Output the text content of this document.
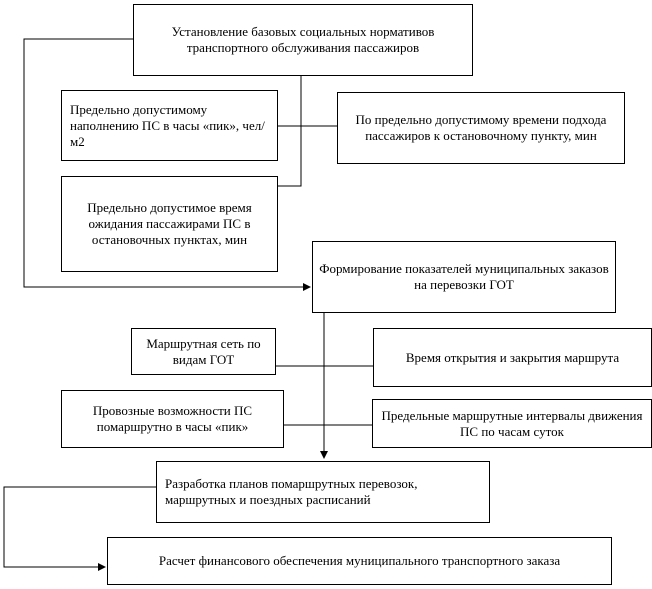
Установление базовых социальных нормативов транспортного обслуживания пассажиров
Предельно допустимому наполнению ПС в часы «пик», чел/м2
По предельно допустимому времени подхода пассажиров к остановочному пункту, мин
Предельно допустимое время ожидания пассажирами ПС в остановочных пунктах, мин
Формирование показателей муниципальных заказов на перевозки ГОТ
Маршрутная сеть по видам ГОТ	Время открытия и закрытия маршрута
Провозные возможности ПС помаршрутно в часы «пик»
Предельные маршрутные интервалы движения ПС по часам суток
Разработка планов помаршрутных перевозок, маршрутных и поездных расписаний
Расчет финансового обеспечения муниципального транспортного заказа
